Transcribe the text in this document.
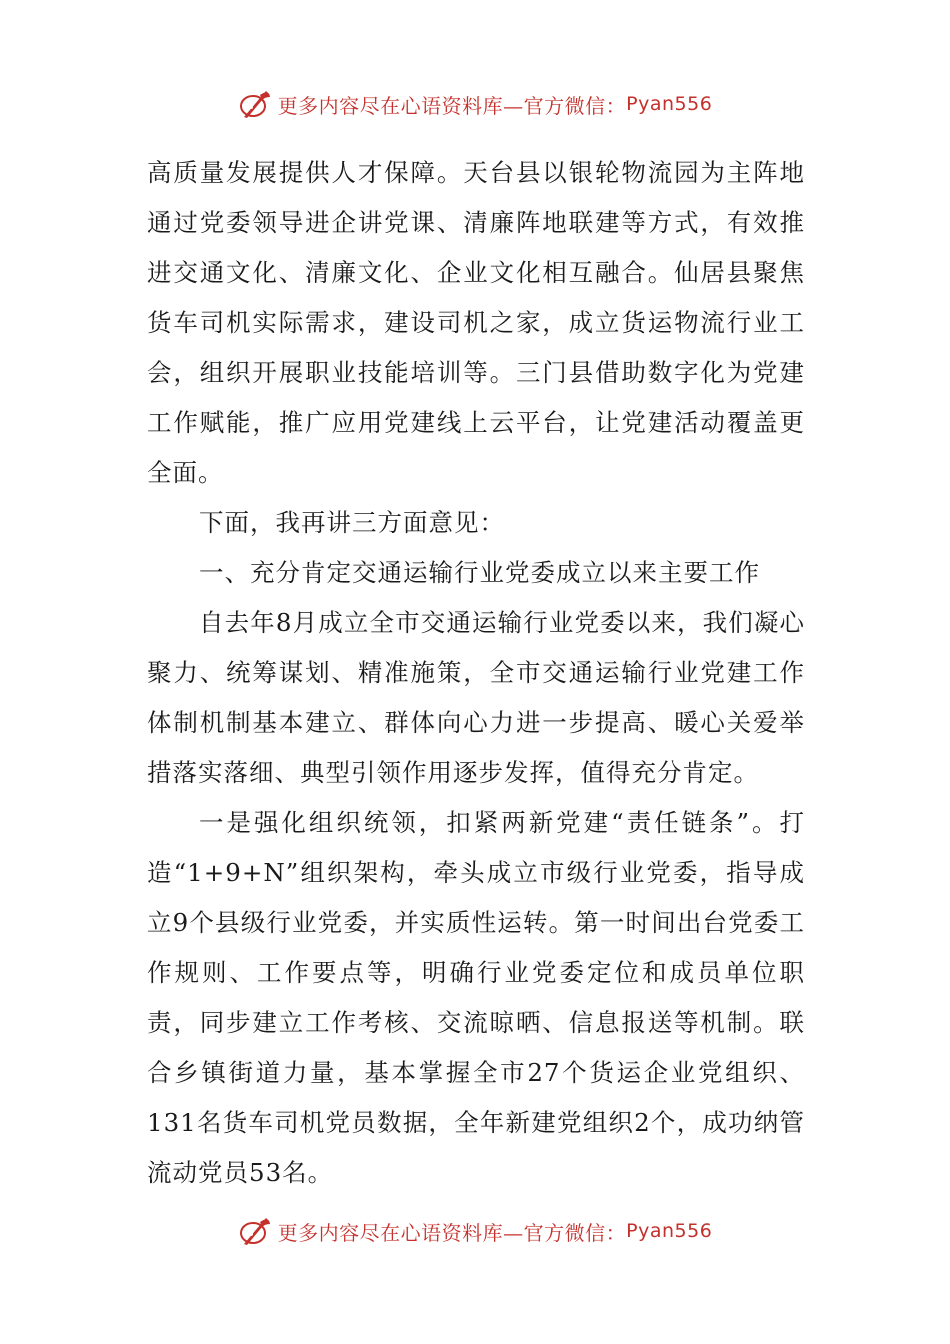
更多内容尽在心语资料库—官方微信： Pyan556

高质量发展提供人才保障。天台县以银轮物流园为主阵地通过党委领导进企讲党课、清廉阵地联建等方式，有效推进交通文化、清廉文化、企业文化相互融合。仙居县聚焦货车司机实际需求，建设司机之家，成立货运物流行业工会，组织开展职业技能培训等。三门县借助数字化为党建工作赋能，推广应用党建线上云平台，让党建活动覆盖更全面。

下面，我再讲三方面意见：

一、充分肯定交通运输行业党委成立以来主要工作

自去年8月成立全市交通运输行业党委以来，我们凝心聚力、统筹谋划、精准施策，全市交通运输行业党建工作体制机制基本建立、群体向心力进一步提高、暖心关爱举措落实落细、典型引领作用逐步发挥，值得充分肯定。

一是强化组织统领，扣紧两新党建“责任链条”。打造“1+9+N”组织架构，牵头成立市级行业党委，指导成立9个县级行业党委，并实质性运转。第一时间出台党委工作规则、工作要点等，明确行业党委定位和成员单位职责，同步建立工作考核、交流晾晒、信息报送等机制。联合乡镇街道力量，基本掌握全市27个货运企业党组织、131名货车司机党员数据，全年新建党组织2个，成功纳管流动党员53名。

更多内容尽在心语资料库—官方微信： Pyan556
